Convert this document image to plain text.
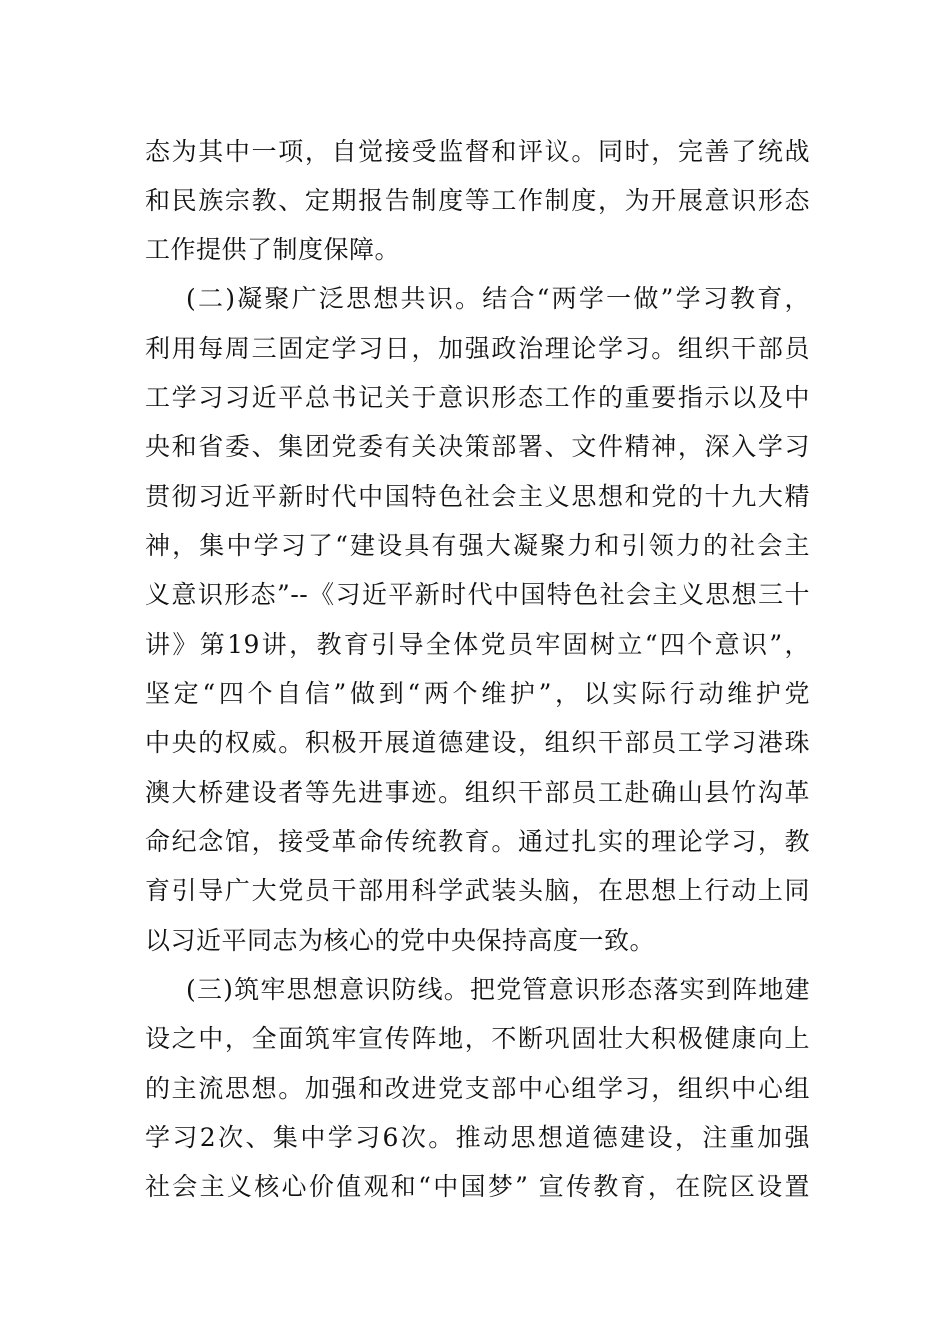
态为其中一项，自觉接受监督和评议。同时，完善了统战
和民族宗教、定期报告制度等工作制度，为开展意识形态
工作提供了制度保障。
(二)凝聚广泛思想共识。结合“两学一做”学习教育，
利用每周三固定学习日，加强政治理论学习。组织干部员
工学习习近平总书记关于意识形态工作的重要指示以及中
央和省委、集团党委有关决策部署、文件精神，深入学习
贯彻习近平新时代中国特色社会主义思想和党的十九大精
神，集中学习了“建设具有强大凝聚力和引领力的社会主
义意识形态”--《习近平新时代中国特色社会主义思想三十
讲》第19讲，教育引导全体党员牢固树立“四个意识”，
坚定“四个自信”做到“两个维护”，以实际行动维护党
中央的权威。积极开展道德建设，组织干部员工学习港珠
澳大桥建设者等先进事迹。组织干部员工赴确山县竹沟革
命纪念馆，接受革命传统教育。通过扎实的理论学习，教
育引导广大党员干部用科学武装头脑，在思想上行动上同
以习近平同志为核心的党中央保持高度一致。
(三)筑牢思想意识防线。把党管意识形态落实到阵地建
设之中，全面筑牢宣传阵地，不断巩固壮大积极健康向上
的主流思想。加强和改进党支部中心组学习，组织中心组
学习2次、集中学习6次。推动思想道德建设，注重加强
社会主义核心价值观和“中国梦” 宣传教育，在院区设置
